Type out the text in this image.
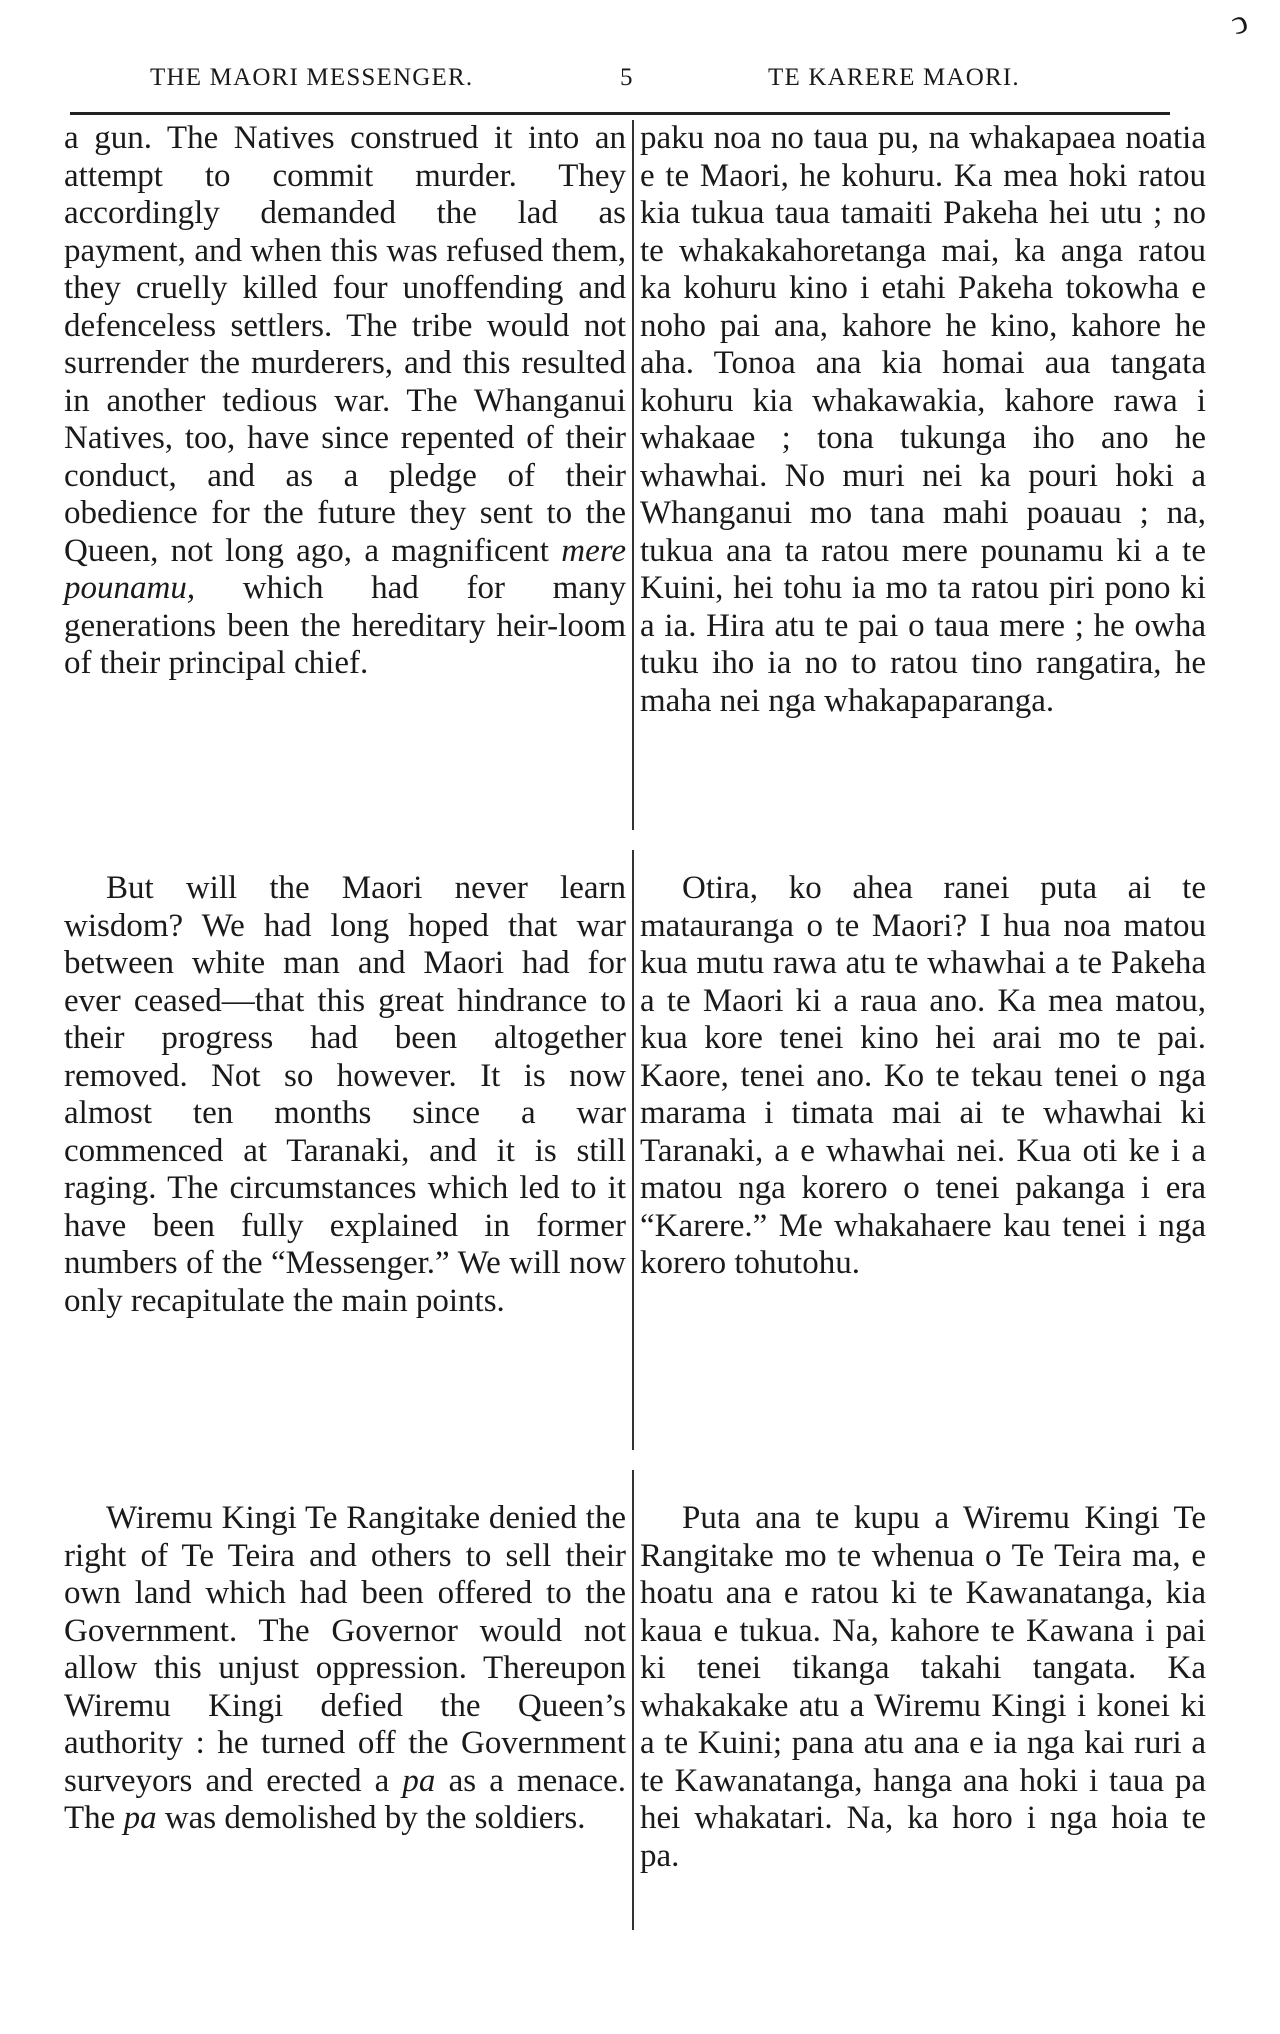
ↄ
THE MAORI MESSENGER.	5	TE KARERE MAORI.

a gun. The Natives construed it into an attempt to commit murder. They accordingly demanded the lad as payment, and when this was refused them, they cruelly killed four unoffending and defenceless settlers. The tribe would not surrender the murderers, and this resulted in another tedious war. The Whanganui Natives, too, have since repented of their conduct, and as a pledge of their obedience for the future they sent to the Queen, not long ago, a magnificent mere pounamu, which had for many generations been the hereditary heir-loom of their principal chief.

paku noa no taua pu, na whakapaea noatia e te Maori, he kohuru. Ka mea hoki ratou kia tukua taua tamaiti Pakeha hei utu ; no te whakakahoretanga mai, ka anga ratou ka kohuru kino i etahi Pakeha tokowha e noho pai ana, kahore he kino, kahore he aha. Tonoa ana kia homai aua tangata kohuru kia whakawakia, kahore rawa i whakaae ; tona tukunga iho ano he whawhai. No muri nei ka pouri hoki a Whanganui mo tana mahi poauau ; na, tukua ana ta ratou mere pounamu ki a te Kuini, hei tohu ia mo ta ratou piri pono ki a ia. Hira atu te pai o taua mere ; he owha tuku iho ia no to ratou tino rangatira, he maha nei nga whakapaparanga.

But will the Maori never learn wisdom? We had long hoped that war between white man and Maori had for ever ceased—that this great hindrance to their progress had been altogether removed. Not so however. It is now almost ten months since a war commenced at Taranaki, and it is still raging. The circumstances which led to it have been fully explained in former numbers of the “Messenger.” We will now only recapitulate the main points.

Otira, ko ahea ranei puta ai te matauranga o te Maori? I hua noa matou kua mutu rawa atu te whawhai a te Pakeha a te Maori ki a raua ano. Ka mea matou, kua kore tenei kino hei arai mo te pai. Kaore, tenei ano. Ko te tekau tenei o nga marama i timata mai ai te whawhai ki Taranaki, a e whawhai nei. Kua oti ke i a matou nga korero o tenei pakanga i era “Karere.” Me whakahaere kau tenei i nga korero tohutohu.

Wiremu Kingi Te Rangitake denied the right of Te Teira and others to sell their own land which had been offered to the Government. The Governor would not allow this unjust oppression. Thereupon Wiremu Kingi defied the Queen’s authority : he turned off the Government surveyors and erected a pa as a menace. The pa was demolished by the soldiers.

Puta ana te kupu a Wiremu Kingi Te Rangitake mo te whenua o Te Teira ma, e hoatu ana e ratou ki te Kawanatanga, kia kaua e tukua. Na, kahore te Kawana i pai ki tenei tikanga takahi tangata. Ka whakakake atu a Wiremu Kingi i konei ki a te Kuini; pana atu ana e ia nga kai ruri a te Kawanatanga, hanga ana hoki i taua pa hei whakatari. Na, ka horo i nga hoia te pa.
